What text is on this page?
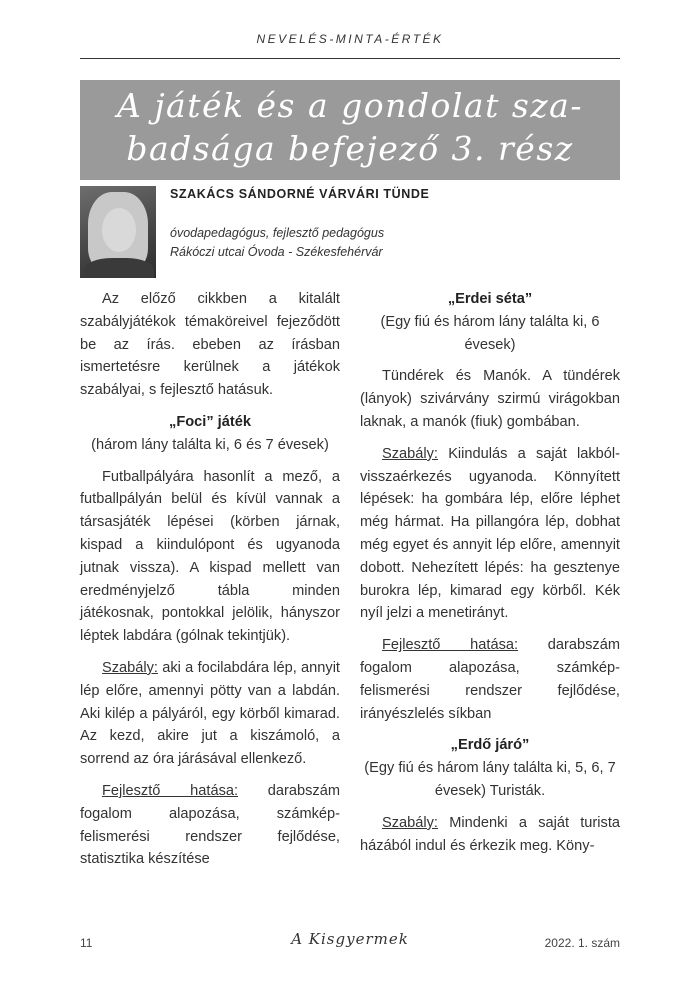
NEVELÉS-MINTA-ÉRTÉK
A játék és a gondolat sza-
badsága befejező 3. rész
SZAKÁCS SÁNDORNÉ VÁRVÁRI TÜNDE
óvodapedagógus, fejlesztő pedagógus
Rákóczi utcai Óvoda - Székesfehérvár

Az előző cikkben a kitalált szabályjátékok témaköreivel fejeződött be az írás. ebeben az írásban ismertetésre kerülnek a játékok szabályai, s fejlesztő hatásuk.

„Foci” játék

(három lány találta ki, 6 és 7 évesek)

Futballpályára hasonlít a mező, a futballpályán belül és kívül vannak a társasjáték lépései (körben járnak, kispad a kiindulópont és ugyanoda jutnak vissza). A kispad mellett van eredményjelző tábla minden játékosnak, pontokkal jelölik, hányszor léptek labdára (gólnak tekintjük).

Szabály: aki a focilabdára lép, annyit lép előre, amennyi pötty van a labdán. Aki kilép a pályáról, egy körből kimarad. Az kezd, akire jut a kiszámoló, a sorrend az óra járásával ellenkező.

Fejlesztő hatása: darabszám fogalom alapozása, számkép-felismerési rendszer fejlődése, statisztika készítése

„Erdei séta”

(Egy fiú és három lány találta ki, 6 évesek)

Tündérek és Manók. A tündérek (lányok) szivárvány szirmú virágokban laknak, a manók (fiuk) gombában.

Szabály: Kiindulás a saját lakból-visszaérkezés ugyanoda. Könnyített lépések: ha gombára lép, előre léphet még hármat. Ha pillangóra lép, dobhat még egyet és annyit lép előre, amennyit dobott. Nehezített lépés: ha gesztenye burokra lép, kimarad egy körből. Kék nyíl jelzi a menetirányt.

Fejlesztő hatása: darabszám fogalom alapozása, számkép-felismerési rendszer fejlődése, irányészlelés síkban

„Erdő járó”

(Egy fiú és három lány találta ki, 5, 6, 7 évesek) Turisták.

Szabály: Mindenki a saját turista házából indul és érkezik meg. Köny-

11	A Kisgyermek	2022. 1. szám
